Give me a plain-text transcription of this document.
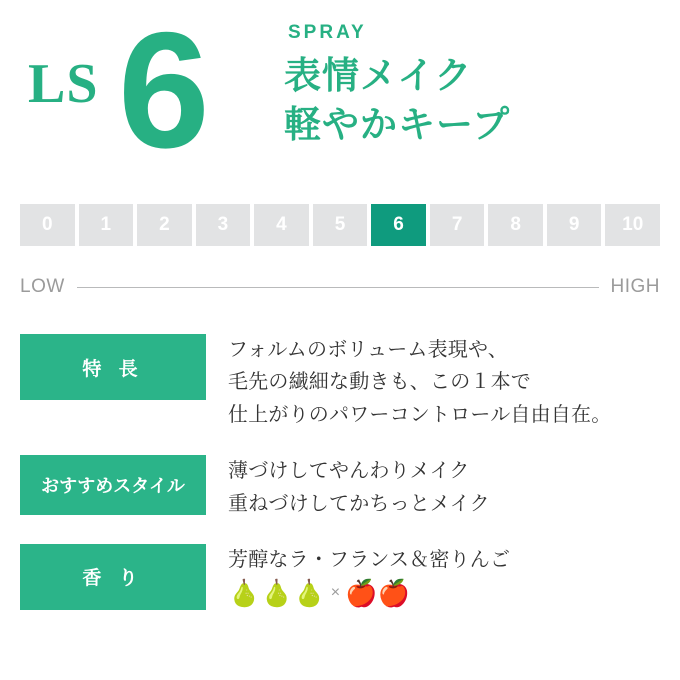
LS 6	SPRAY
表情メイク
軽やかキープ
0	1	2	3	4	5	6	7	8	9	10
LOW	HIGH
特 長
フォルムのボリューム表現や、
毛先の繊細な動きも、この１本で
仕上がりのパワーコントロール自由自在。
おすすめスタイル
薄づけしてやんわりメイク
重ねづけしてかちっとメイク
香 り
芳醇なラ・フランス＆密りんご
🍐🍐🍐 × 🍎🍎
